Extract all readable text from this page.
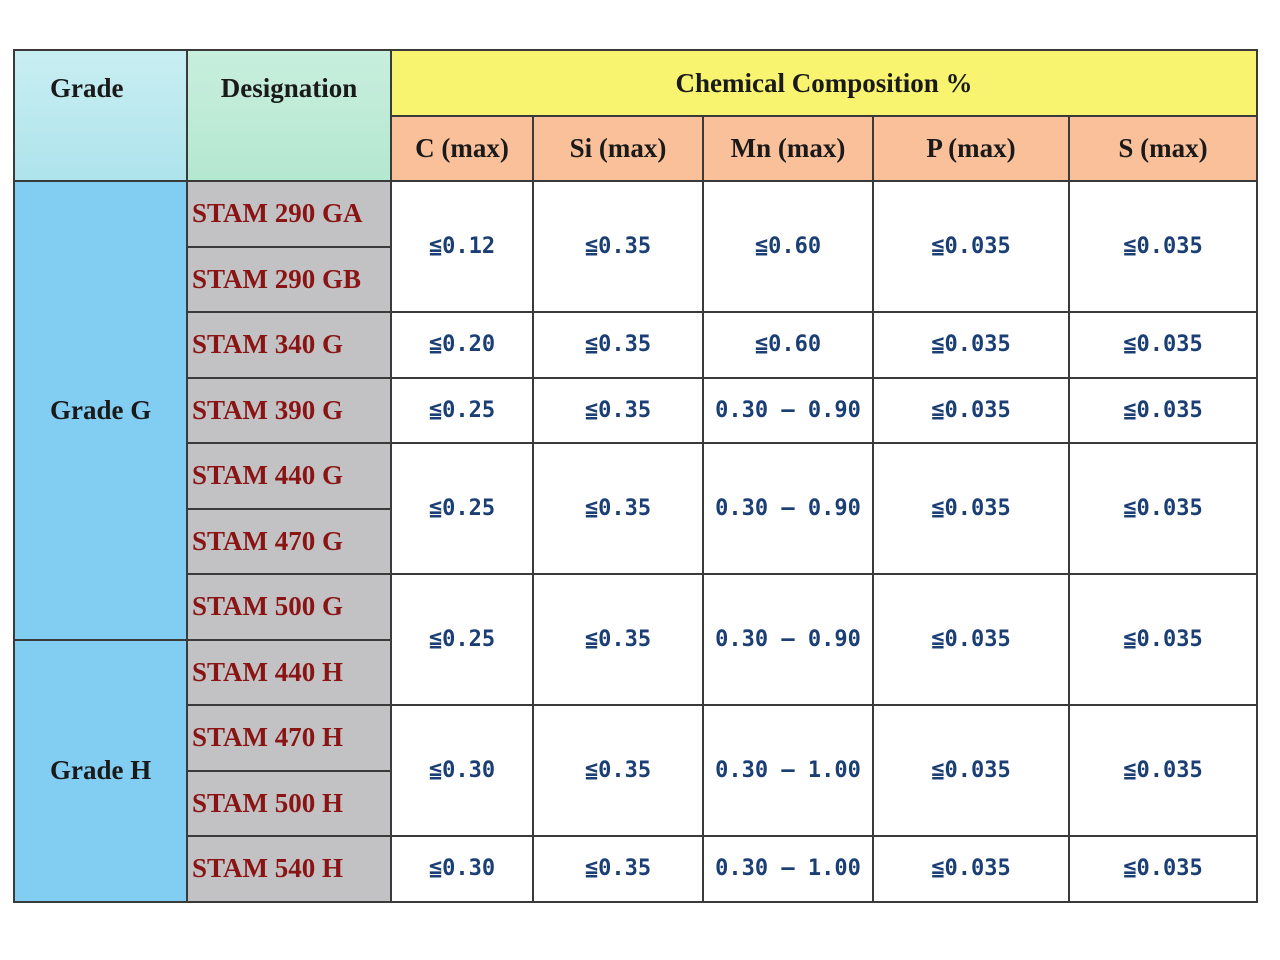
Grade	Designation	Chemical Composition %				
		C (max)	Si (max)	Mn (max)	P (max)	S (max)
Grade G	STAM 290 GA	≦0.12	≦0.35	≦0.60	≦0.035	≦0.035
	STAM 290 GB					
	STAM 340 G	≦0.20	≦0.35	≦0.60	≦0.035	≦0.035
	STAM 390 G	≦0.25	≦0.35	0.30 – 0.90	≦0.035	≦0.035
	STAM 440 G	≦0.25	≦0.35	0.30 – 0.90	≦0.035	≦0.035
	STAM 470 G					
	STAM 500 G	≦0.25	≦0.35	0.30 – 0.90	≦0.035	≦0.035
Grade H	STAM 440 H					
	STAM 470 H	≦0.30	≦0.35	0.30 – 1.00	≦0.035	≦0.035
	STAM 500 H					
	STAM 540 H	≦0.30	≦0.35	0.30 – 1.00	≦0.035	≦0.035
